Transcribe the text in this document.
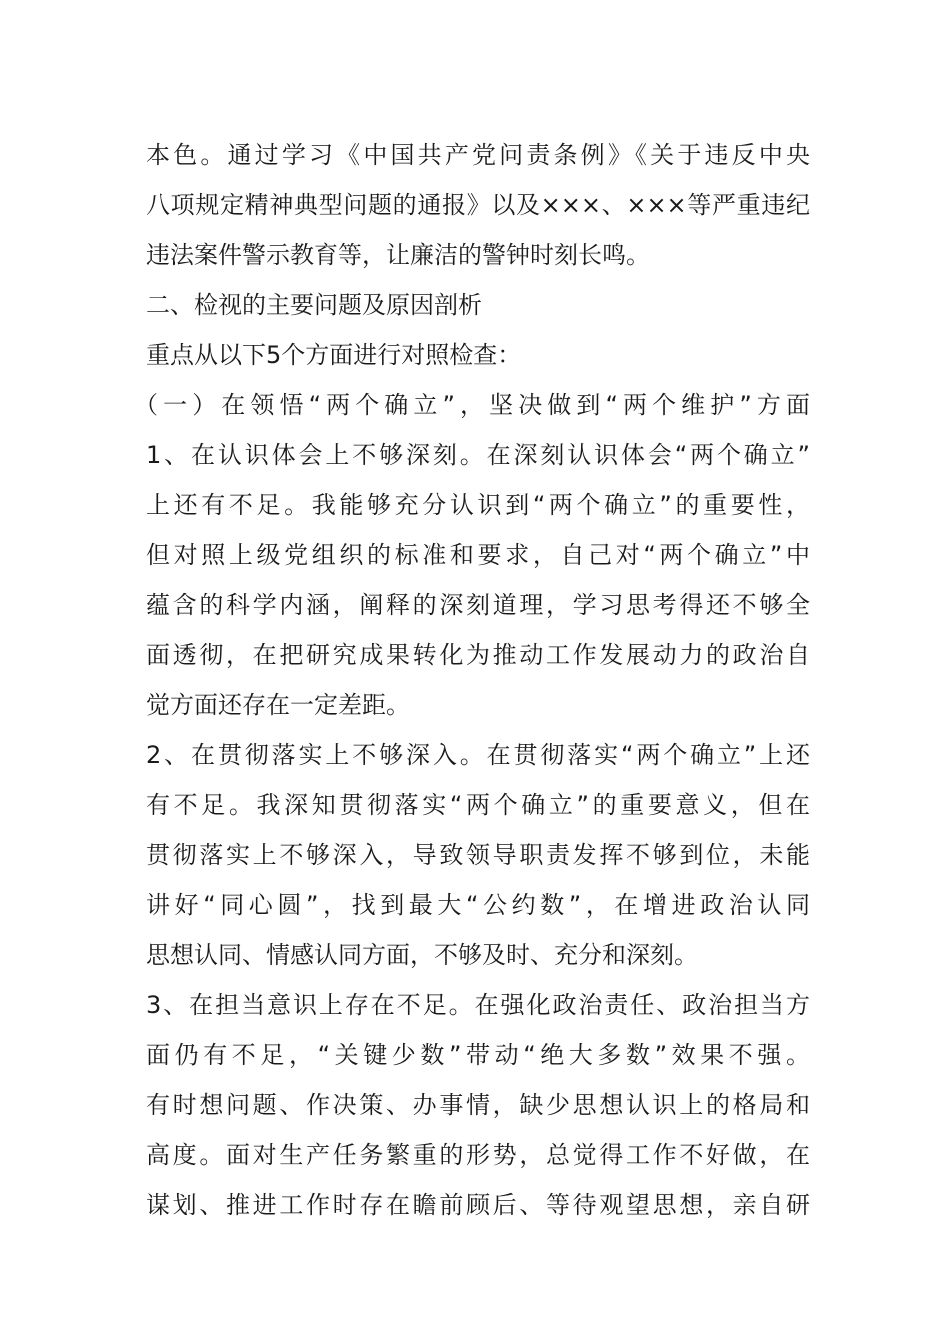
本色。通过学习《中国共产党问责条例》《关于违反中央
八项规定精神典型问题的通报》以及×××、×××等严重违纪
违法案件警示教育等，让廉洁的警钟时刻长鸣。
二、检视的主要问题及原因剖析
重点从以下5个方面进行对照检查：
（一）在领悟“两个确立”，坚决做到“两个维护”方面
1、在认识体会上不够深刻。在深刻认识体会“两个确立”
上还有不足。我能够充分认识到“两个确立”的重要性，
但对照上级党组织的标准和要求，自己对“两个确立”中
蕴含的科学内涵，阐释的深刻道理，学习思考得还不够全
面透彻，在把研究成果转化为推动工作发展动力的政治自
觉方面还存在一定差距。
2、在贯彻落实上不够深入。在贯彻落实“两个确立”上还
有不足。我深知贯彻落实“两个确立”的重要意义，但在
贯彻落实上不够深入，导致领导职责发挥不够到位，未能
讲好“同心圆”，找到最大“公约数”，在增进政治认同
思想认同、情感认同方面，不够及时、充分和深刻。
3、在担当意识上存在不足。在强化政治责任、政治担当方
面仍有不足，“关键少数”带动“绝大多数”效果不强。
有时想问题、作决策、办事情，缺少思想认识上的格局和
高度。面对生产任务繁重的形势，总觉得工作不好做，在
谋划、推进工作时存在瞻前顾后、等待观望思想，亲自研
